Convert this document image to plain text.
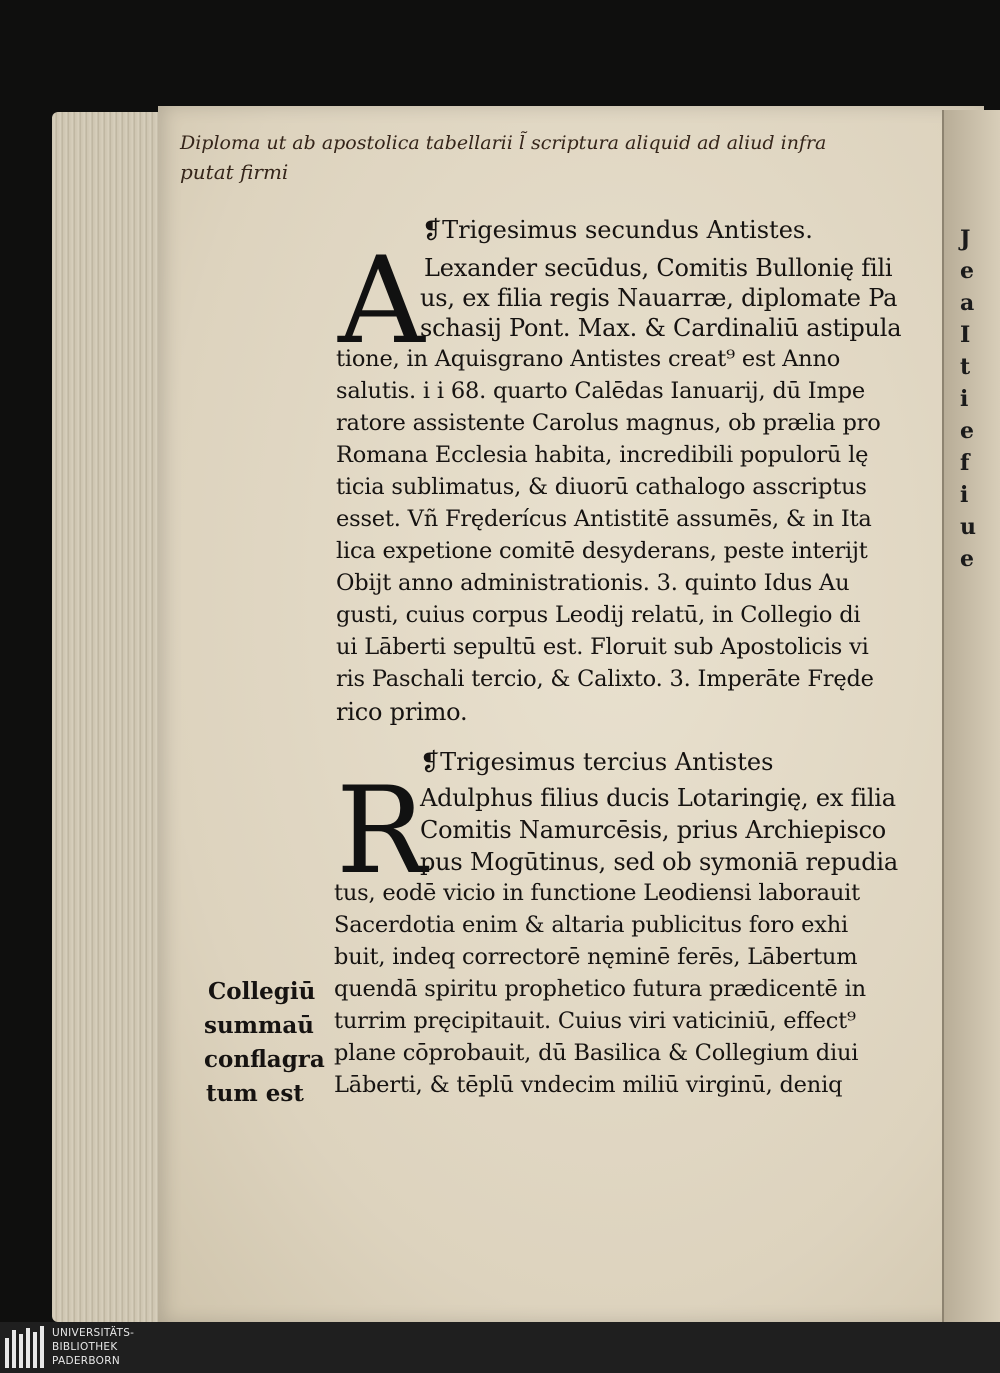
Diploma ut ab apostolica tabellarii l̃ scriptura aliquid ad aliud infra
putat firmi
❡Trigesimus secundus Antistes.
A Lexander secūdus, Comitis Bullonię fili
us, ex filia regis Nauarræ, diplomate Pa
schasij Pont. Max. & Cardinaliū astipula
tione, in Aquisgrano Antistes creat⁹ est Anno
salutis. i i 68. quarto Calēdas Ianuarij, dū Impe
ratore assistente Carolus magnus, ob prælia pro
Romana Ecclesia habita, incredibili populorū lę
ticia sublimatus, & diuorū cathalogo asscriptus
esset. Vñ Fręderícus Antistitē assumēs, & in Ita
lica expetione comitē desyderans, peste interijt
Obijt anno administrationis. 3. quinto Idus Au
gusti, cuius corpus Leodij relatū, in Collegio di
ui Lāberti sepultū est. Floruit sub Apostolicis vi
ris Paschali tercio, & Calixto. 3. Imperāte Fręde
rico primo.
❡Trigesimus tercius Antistes
R
Adulphus filius ducis Lotaringię, ex filia
Comitis Namurcēsis, prius Archiepisco
pus Mogūtinus, sed ob symoniā repudia
tus, eodē vicio in functione Leodiensi laborauit
Sacerdotia enim & altaria publicitus foro exhi
buit, indeq correctorē nęminē ferēs, Lābertum
quendā spiritu prophetico futura prædicentē in
turrim pręcipitauit. Cuius viri vaticiniū, effect⁹
plane cōprobauit, dū Basilica & Collegium diui
Lāberti, & tēplū vndecim miliū virginū, deniq
Collegiū
summaū
conflagra
tum est
J
e
a
I
t
i
e
f
i
u
e
UNIVERSITÄTS-
BIBLIOTHEK
PADERBORN
